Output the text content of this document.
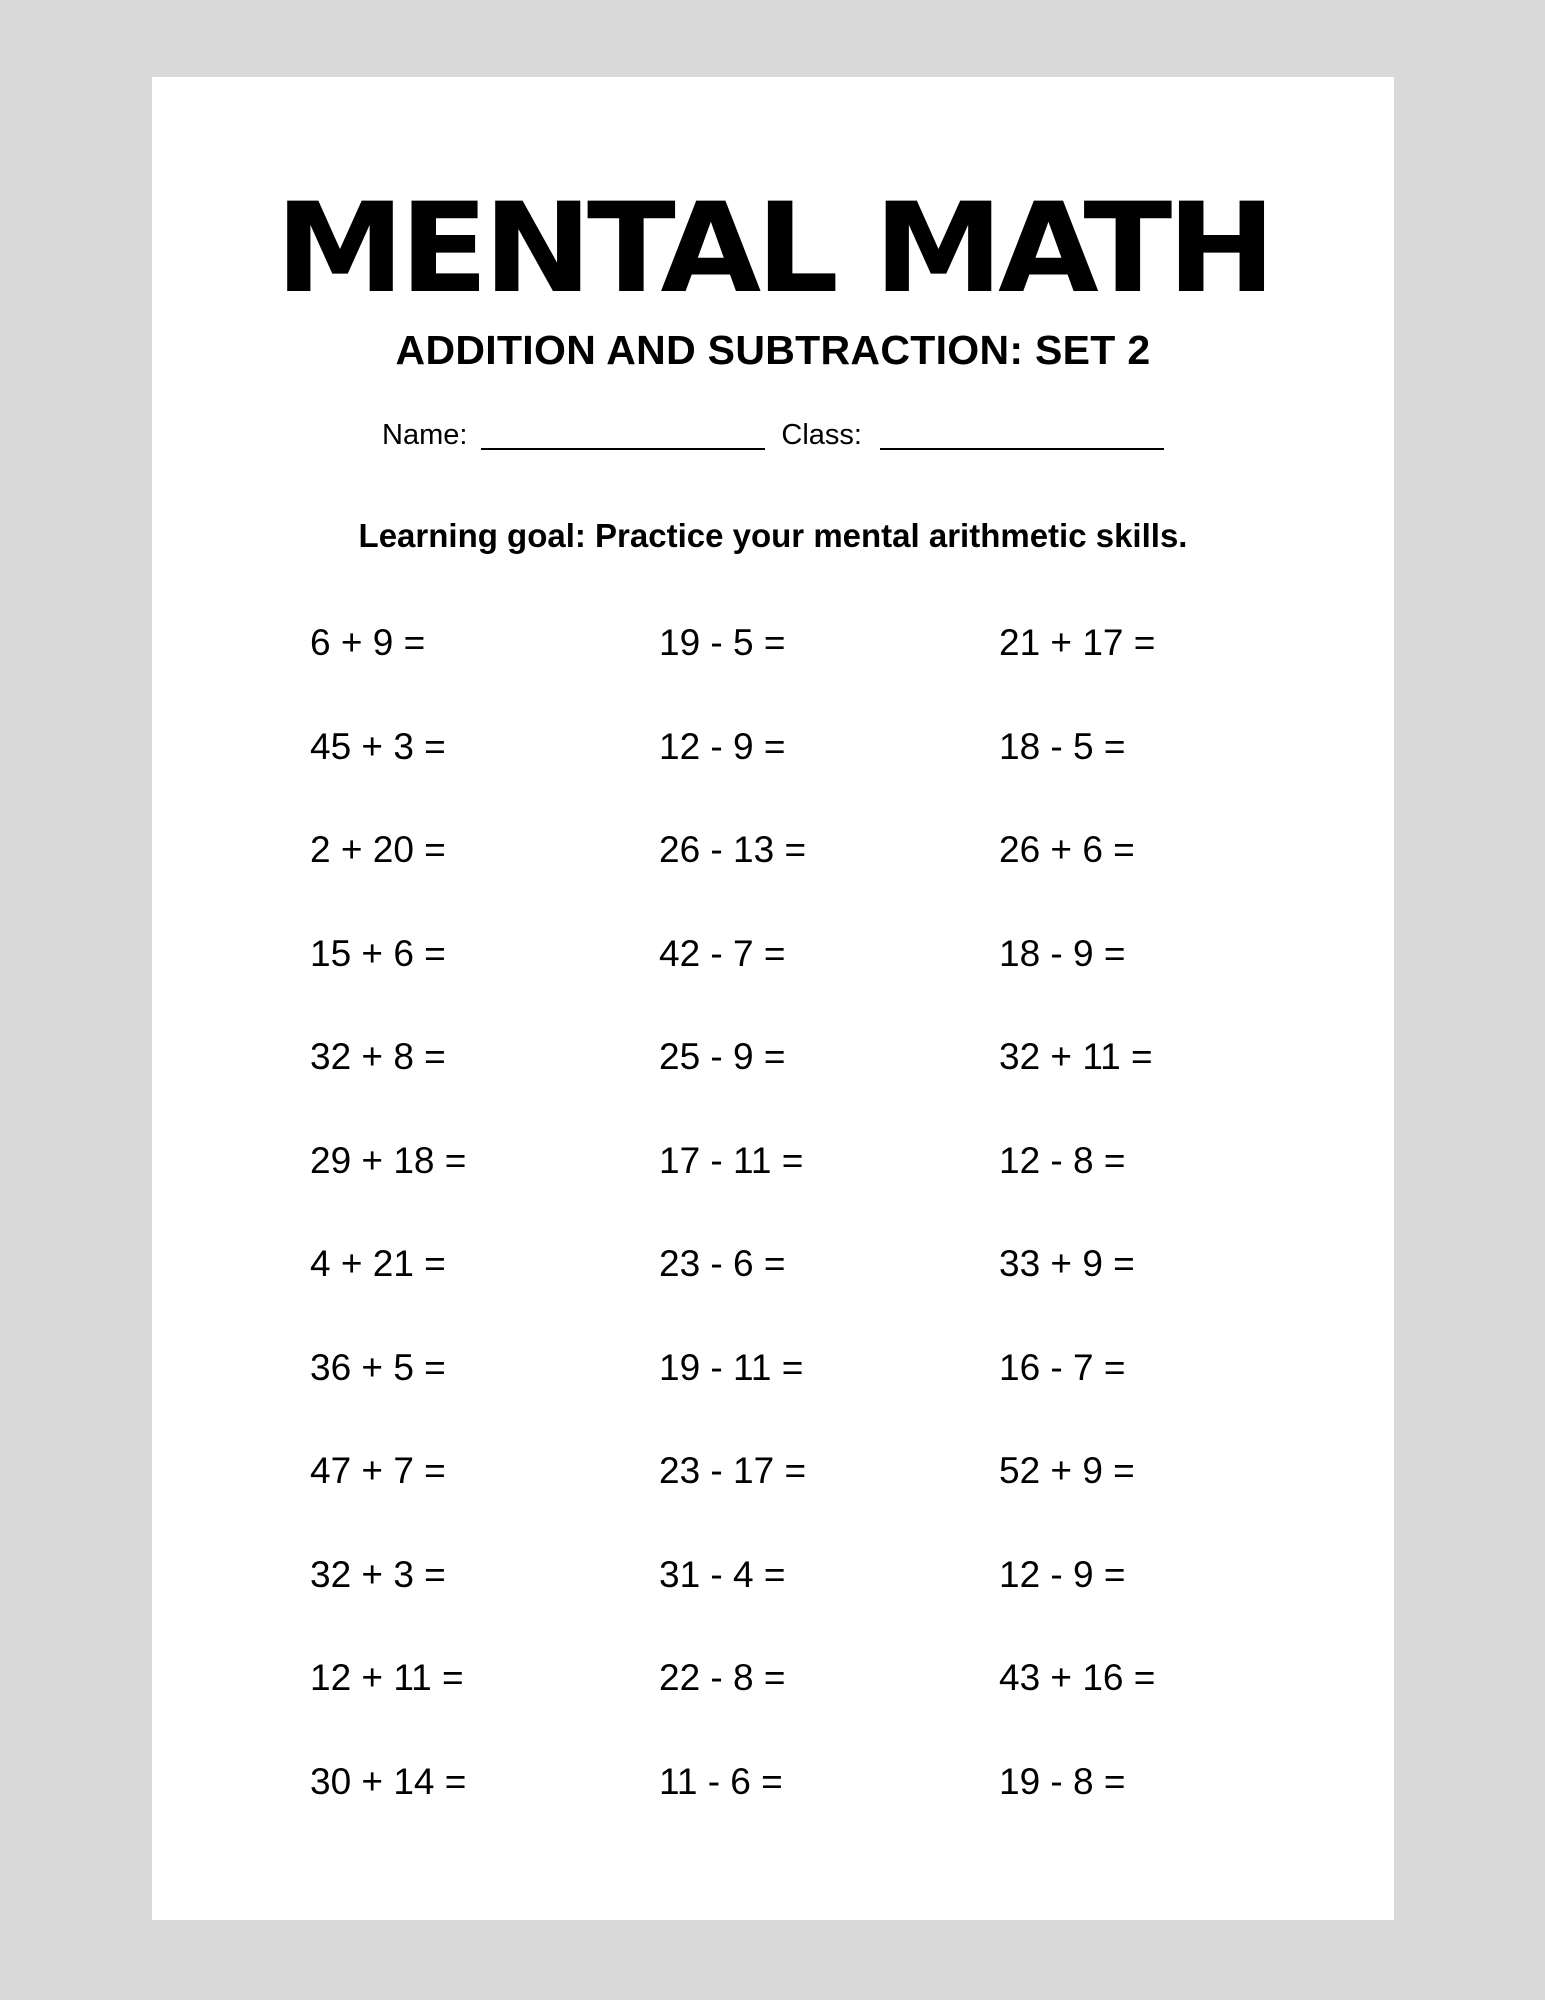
MENTAL MATH
ADDITION AND SUBTRACTION: SET 2
Name:	Class:

Learning goal: Practice your mental arithmetic skills.

6 + 9 =	19 - 5 =	21 + 17 =
45 + 3 =	12 - 9 =	18 - 5 =
2 + 20 =	26 - 13 =	26 + 6 =
15 + 6 =	42 - 7 =	18 - 9 =
32 + 8 =	25 - 9 =	32 + 11 =
29 + 18 =	17 - 11 =	12 - 8 =
4 + 21 =	23 - 6 =	33 + 9 =
36 + 5 =	19 - 11 =	16 - 7 =
47 + 7 =	23 - 17 =	52 + 9 =
32 + 3 =	31 - 4 =	12 - 9 =
12 + 11 =	22 - 8 =	43 + 16 =
30 + 14 =	11 - 6 =	19 - 8 =
